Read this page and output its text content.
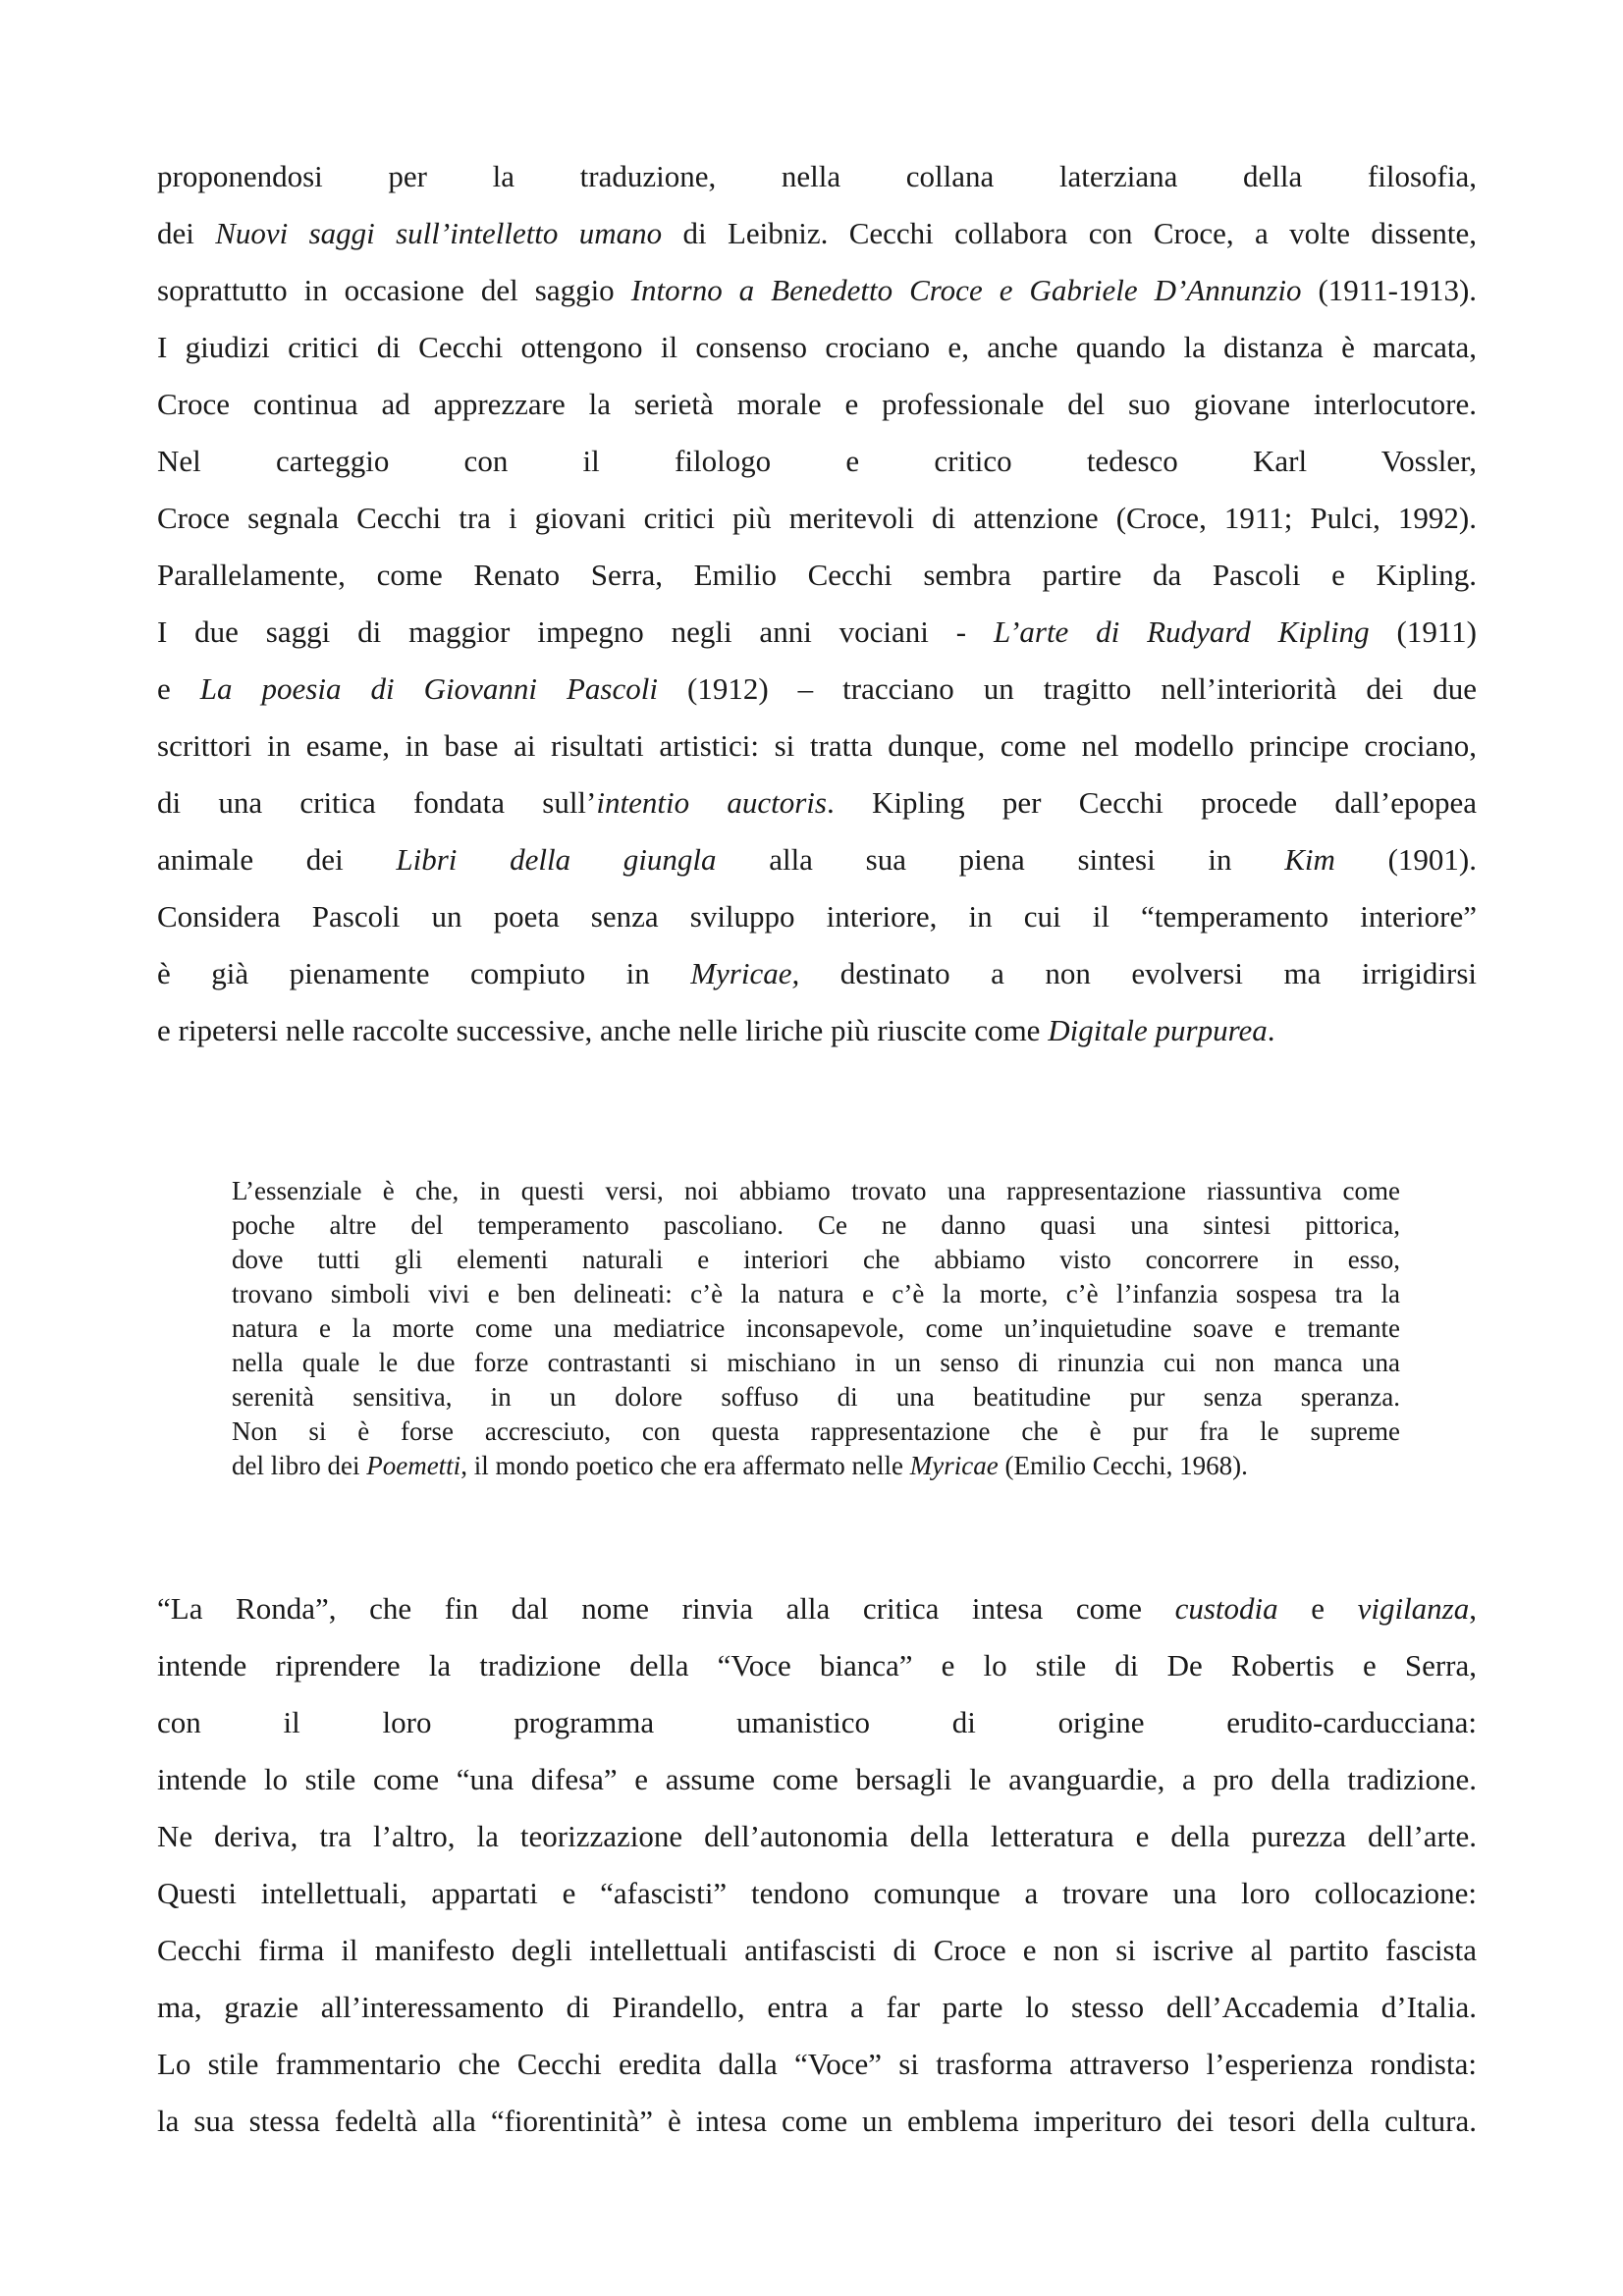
proponendosi per la traduzione, nella collana laterziana della filosofia,
dei Nuovi saggi sull’intelletto umano di Leibniz. Cecchi collabora con Croce, a volte dissente,
soprattutto in occasione del saggio Intorno a Benedetto Croce e Gabriele D’Annunzio (1911-1913).
I giudizi critici di Cecchi ottengono il consenso crociano e, anche quando la distanza è marcata,
Croce continua ad apprezzare la serietà morale e professionale del suo giovane interlocutore.
Nel carteggio con il filologo e critico tedesco Karl Vossler,
Croce segnala Cecchi tra i giovani critici più meritevoli di attenzione (Croce, 1911; Pulci, 1992).
Parallelamente, come Renato Serra, Emilio Cecchi sembra partire da Pascoli e Kipling.
I due saggi di maggior impegno negli anni vociani - L’arte di Rudyard Kipling (1911)
e La poesia di Giovanni Pascoli (1912) – tracciano un tragitto nell’interiorità dei due
scrittori in esame, in base ai risultati artistici: si tratta dunque, come nel modello principe crociano,
di una critica fondata sull’intentio auctoris. Kipling per Cecchi procede dall’epopea
animale dei Libri della giungla alla sua piena sintesi in Kim (1901).
Considera Pascoli un poeta senza sviluppo interiore, in cui il “temperamento interiore”
è già pienamente compiuto in Myricae, destinato a non evolversi ma irrigidirsi
e ripetersi nelle raccolte successive, anche nelle liriche più riuscite come Digitale purpurea.
L’essenziale è che, in questi versi, noi abbiamo trovato una rappresentazione riassuntiva come
poche altre del temperamento pascoliano. Ce ne danno quasi una sintesi pittorica,
dove tutti gli elementi naturali e interiori che abbiamo visto concorrere in esso,
trovano simboli vivi e ben delineati: c’è la natura e c’è la morte, c’è l’infanzia sospesa tra la
natura e la morte come una mediatrice inconsapevole, come un’inquietudine soave e tremante
nella quale le due forze contrastanti si mischiano in un senso di rinunzia cui non manca una
serenità sensitiva, in un dolore soffuso di una beatitudine pur senza speranza.
Non si è forse accresciuto, con questa rappresentazione che è pur fra le supreme
del libro dei Poemetti, il mondo poetico che era affermato nelle Myricae (Emilio Cecchi, 1968).
“La Ronda”, che fin dal nome rinvia alla critica intesa come custodia e vigilanza,
intende riprendere la tradizione della “Voce bianca” e lo stile di De Robertis e Serra,
con il loro programma umanistico di origine erudito-carducciana:
intende lo stile come “una difesa” e assume come bersagli le avanguardie, a pro della tradizione.
Ne deriva, tra l’altro, la teorizzazione dell’autonomia della letteratura e della purezza dell’arte.
Questi intellettuali, appartati e “afascisti” tendono comunque a trovare una loro collocazione:
Cecchi firma il manifesto degli intellettuali antifascisti di Croce e non si iscrive al partito fascista
ma, grazie all’interessamento di Pirandello, entra a far parte lo stesso dell’Accademia d’Italia.
Lo stile frammentario che Cecchi eredita dalla “Voce” si trasforma attraverso l’esperienza rondista:
la sua stessa fedeltà alla “fiorentinità” è intesa come un emblema imperituro dei tesori della cultura.
